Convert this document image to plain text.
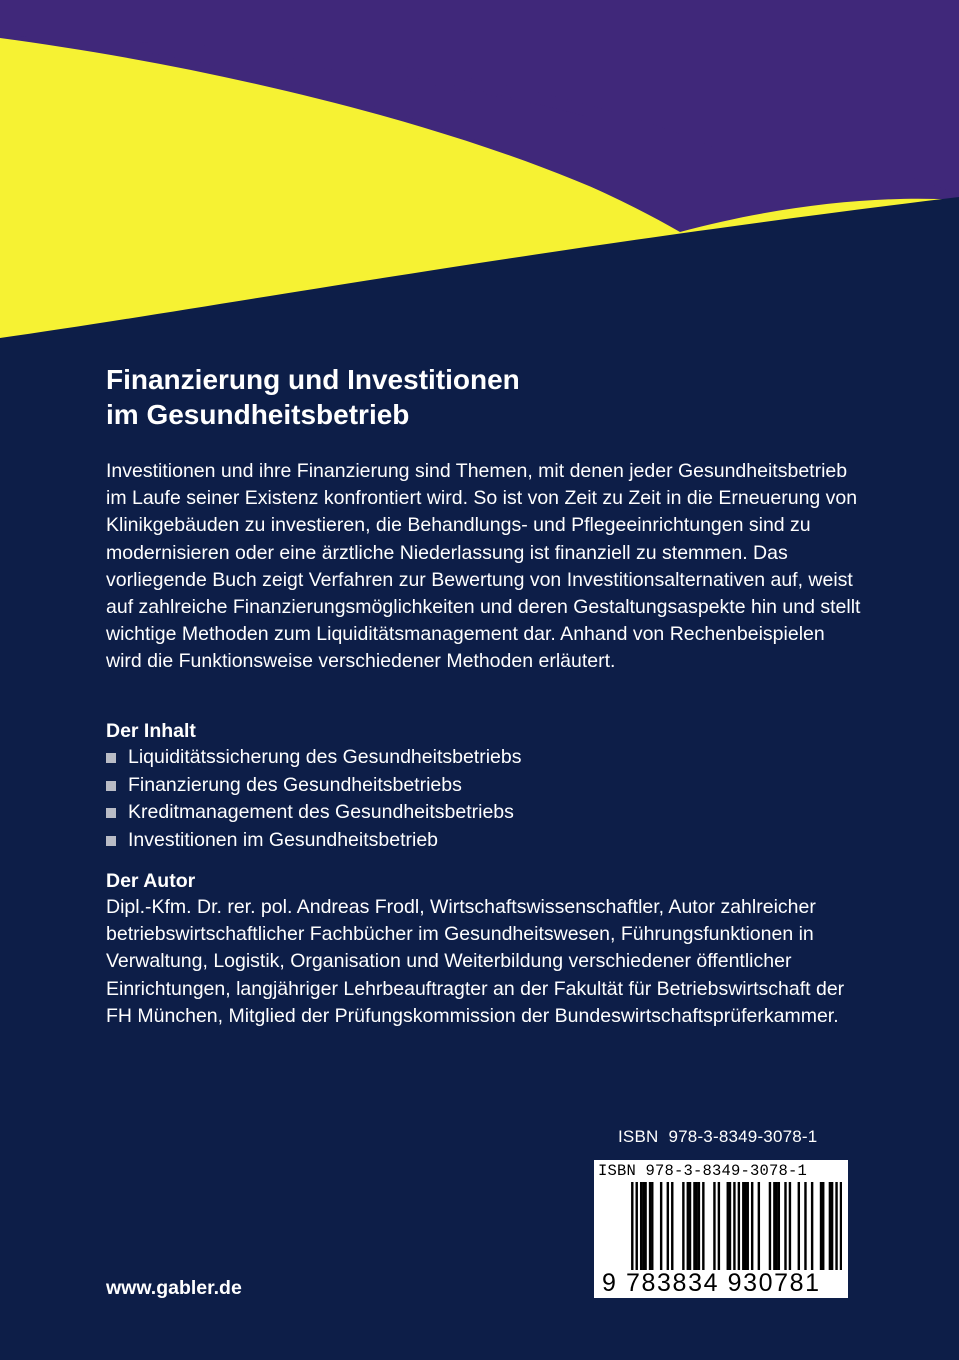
Finanzierung und Investitionen
im Gesundheitsbetrieb

Investitionen und ihre Finanzierung sind Themen, mit denen jeder Gesundheitsbetrieb im Laufe seiner Existenz konfrontiert wird. So ist von Zeit zu Zeit in die Erneuerung von Klinikgebäuden zu investieren, die Behandlungs- und Pflegeeinrichtungen sind zu modernisieren oder eine ärztliche Niederlassung ist finanziell zu stemmen. Das vorliegende Buch zeigt Verfahren zur Bewertung von Investitionsalternativen auf, weist auf zahlreiche Finanzierungsmöglichkeiten und deren Gestaltungsaspekte hin und stellt wichtige Methoden zum Liquiditätsmanagement dar. Anhand von Rechenbeispielen wird die Funktionsweise verschiedener Methoden erläutert.

Der Inhalt
Liquiditätssicherung des Gesundheitsbetriebs
Finanzierung des Gesundheitsbetriebs
Kreditmanagement des Gesundheitsbetriebs
Investitionen im Gesundheitsbetrieb
Der Autor

Dipl.-Kfm. Dr. rer. pol. Andreas Frodl, Wirtschaftswissenschaftler, Autor zahlreicher betriebswirtschaftlicher Fachbücher im Gesundheitswesen, Führungsfunktionen in Verwaltung, Logistik, Organisation und Weiterbildung verschiedener öffentlicher Einrichtungen, langjähriger Lehrbeauftragter an der Fakultät für Betriebswirtschaft der FH München, Mitglied der Prüfungskommission der Bundeswirtschaftsprüferkammer.

ISBN 978-3-8349-3078-1
ISBN 978-3-8349-3078-1
9 783834 930781
www.gabler.de
